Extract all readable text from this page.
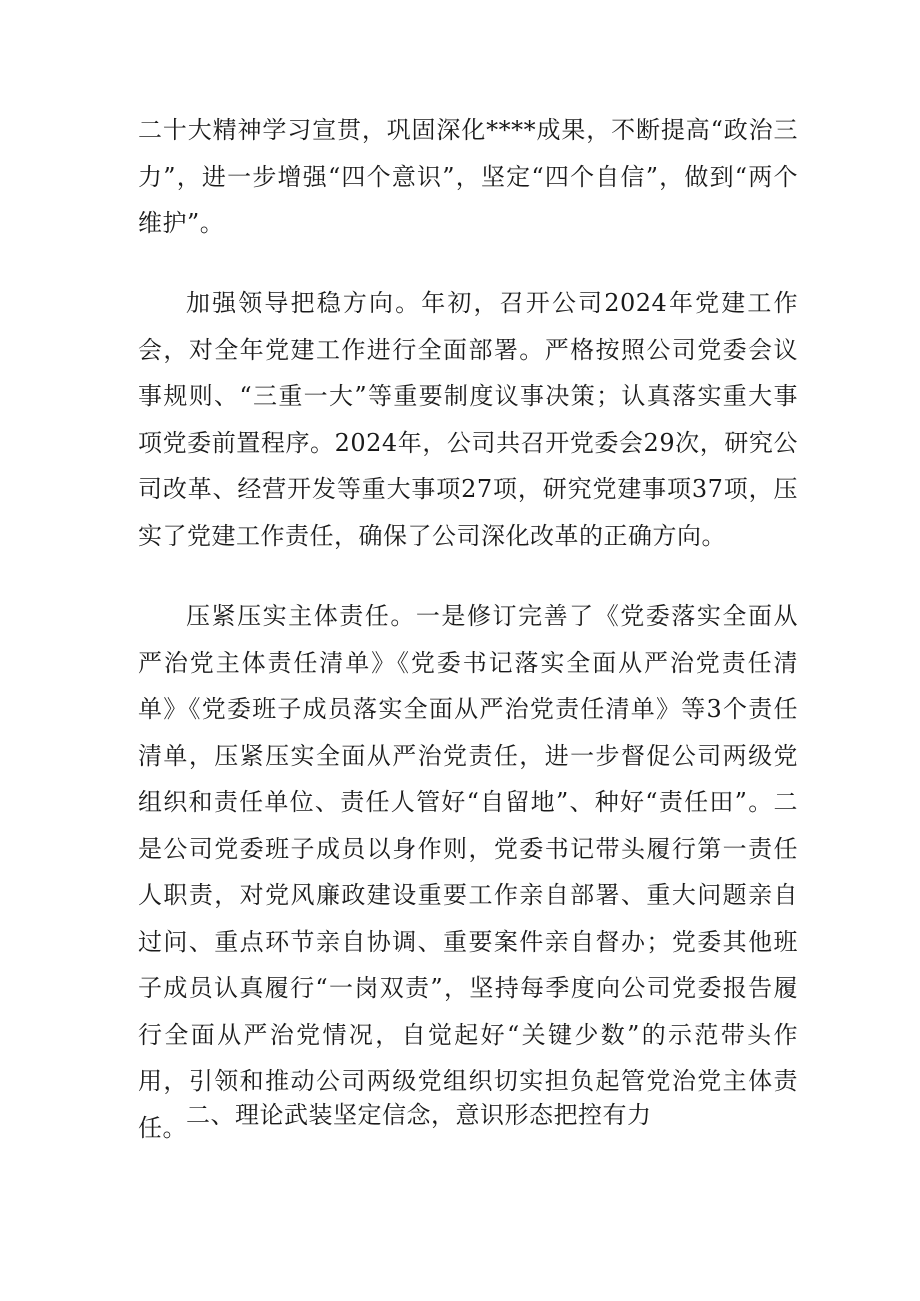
二十大精神学习宣贯，巩固深化****成果，不断提高“政治三力”，进一步增强“四个意识”，坚定“四个自信”，做到“两个维护”。

加强领导把稳方向。年初，召开公司2024年党建工作会，对全年党建工作进行全面部署。严格按照公司党委会议事规则、“三重一大”等重要制度议事决策；认真落实重大事项党委前置程序。2024年，公司共召开党委会29次，研究公司改革、经营开发等重大事项27项，研究党建事项37项，压实了党建工作责任，确保了公司深化改革的正确方向。

压紧压实主体责任。一是修订完善了《党委落实全面从严治党主体责任清单》《党委书记落实全面从严治党责任清单》《党委班子成员落实全面从严治党责任清单》等3个责任清单，压紧压实全面从严治党责任，进一步督促公司两级党组织和责任单位、责任人管好“自留地”、种好“责任田”。二是公司党委班子成员以身作则，党委书记带头履行第一责任人职责，对党风廉政建设重要工作亲自部署、重大问题亲自过问、重点环节亲自协调、重要案件亲自督办；党委其他班子成员认真履行“一岗双责”，坚持每季度向公司党委报告履行全面从严治党情况，自觉起好“关键少数”的示范带头作用，引领和推动公司两级党组织切实担负起管党治党主体责任。 二、理论武装坚定信念，意识形态把控有力
